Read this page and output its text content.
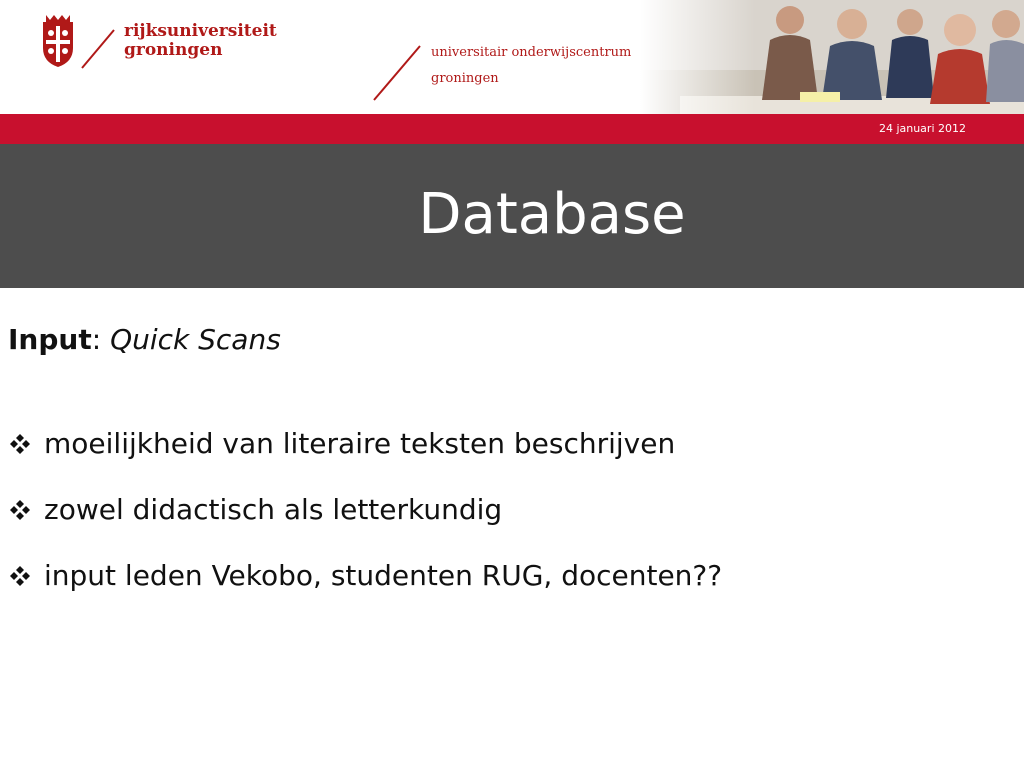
rijksuniversiteit
groningen	universitair onderwijscentrum
groningen
24 januari 2012
Database

Input: Quick Scans

moeilijkheid van literaire teksten beschrijven
zowel didactisch als letterkundig
input leden Vekobo, studenten RUG, docenten??
